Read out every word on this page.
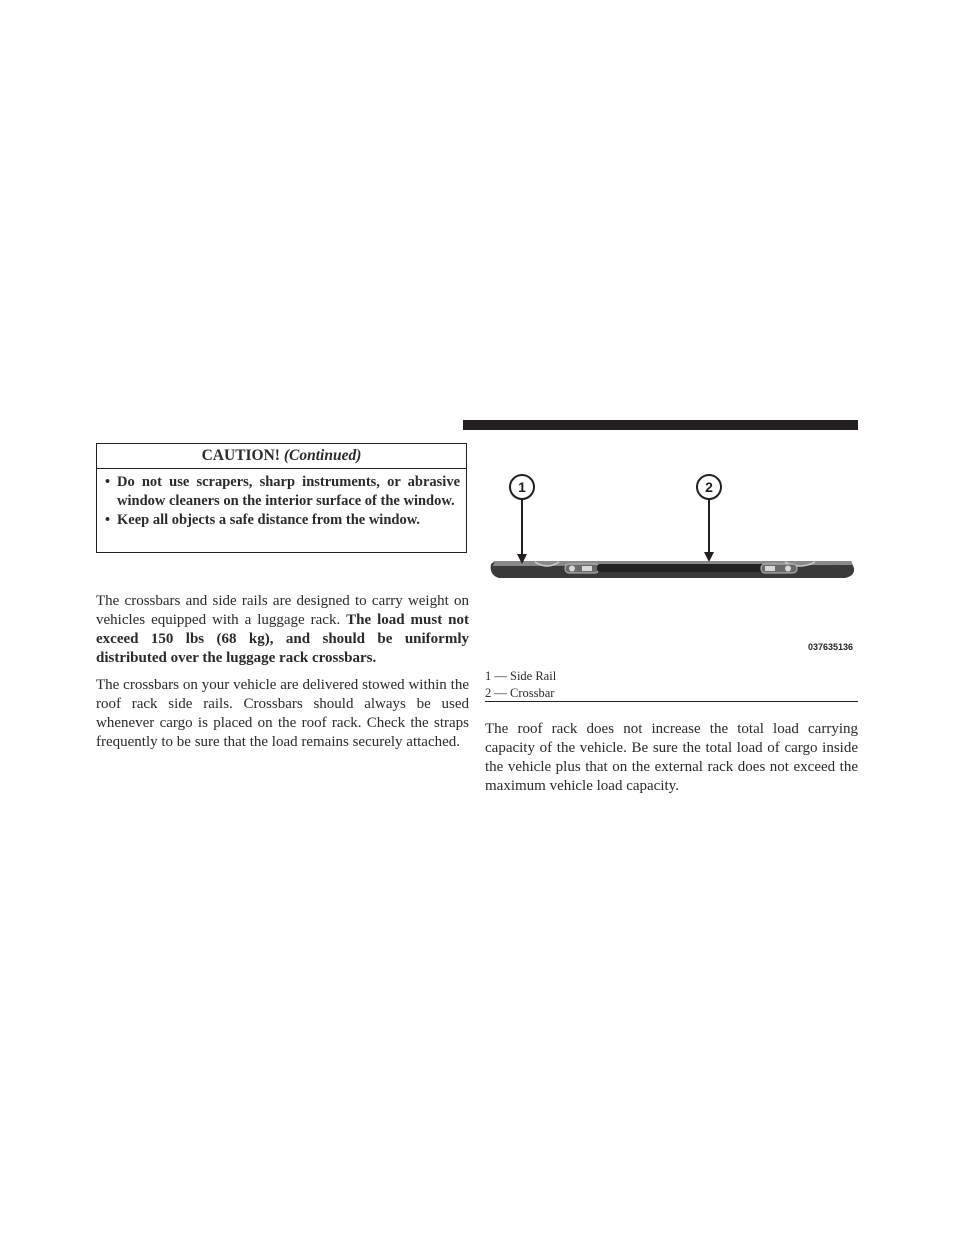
CAUTION! (Continued)
• Do not use scrapers, sharp instruments, or abrasive window cleaners on the interior surface of the window.
• Keep all objects a safe distance from the window.

The crossbars and side rails are designed to carry weight on vehicles equipped with a luggage rack. The load must not exceed 150 lbs (68 kg), and should be uniformly distributed over the luggage rack crossbars.

The crossbars on your vehicle are delivered stowed within the roof rack side rails. Crossbars should always be used whenever cargo is placed on the roof rack. Check the straps frequently to be sure that the load remains securely attached.

1	2
037635136
1 — Side Rail
2 — Crossbar

The roof rack does not increase the total load carrying capacity of the vehicle. Be sure the total load of cargo inside the vehicle plus that on the external rack does not exceed the maximum vehicle load capacity.
